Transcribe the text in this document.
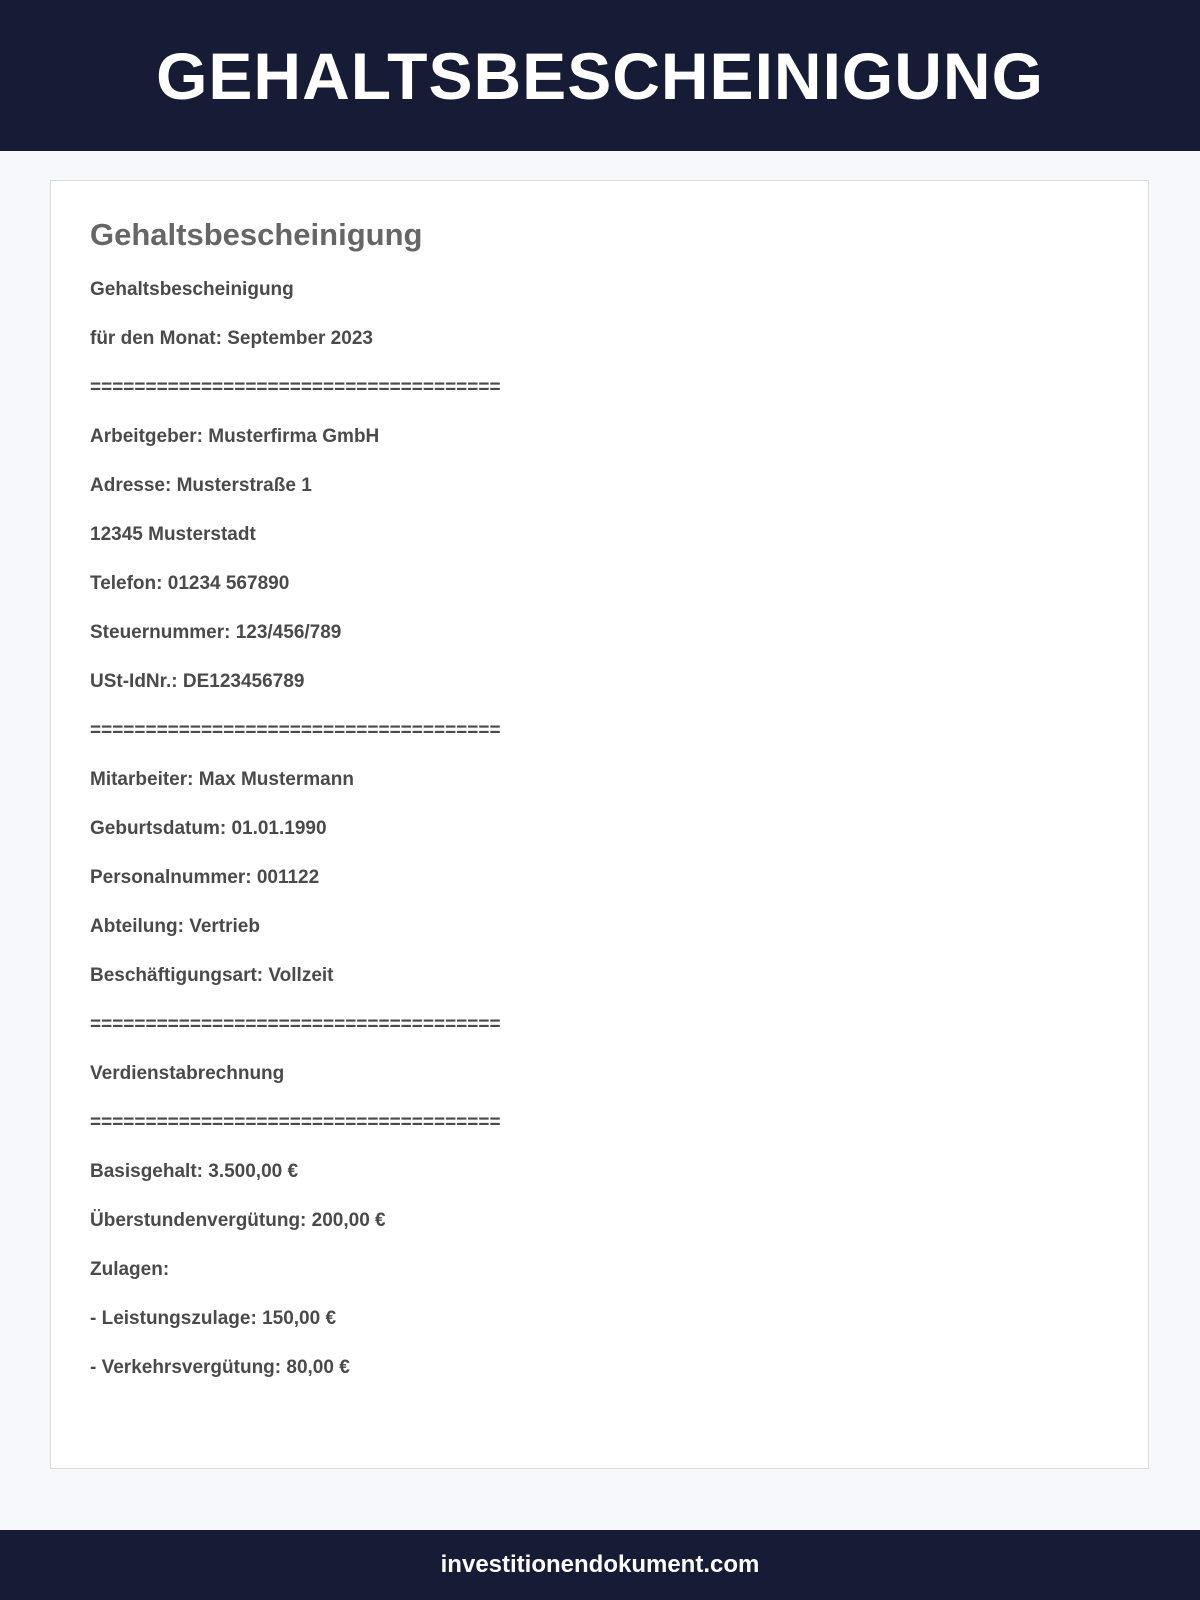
GEHALTSBESCHEINIGUNG
Gehaltsbescheinigung
Gehaltsbescheinigung
für den Monat: September 2023
=====================================
Arbeitgeber: Musterfirma GmbH
Adresse: Musterstraße 1
12345 Musterstadt
Telefon: 01234 567890
Steuernummer: 123/456/789
USt-IdNr.: DE123456789
=====================================
Mitarbeiter: Max Mustermann
Geburtsdatum: 01.01.1990
Personalnummer: 001122
Abteilung: Vertrieb
Beschäftigungsart: Vollzeit
=====================================
Verdienstabrechnung
=====================================
Basisgehalt: 3.500,00 €
Überstundenvergütung: 200,00 €
Zulagen:
- Leistungszulage: 150,00 €
- Verkehrsvergütung: 80,00 €
investitionendokument.com
